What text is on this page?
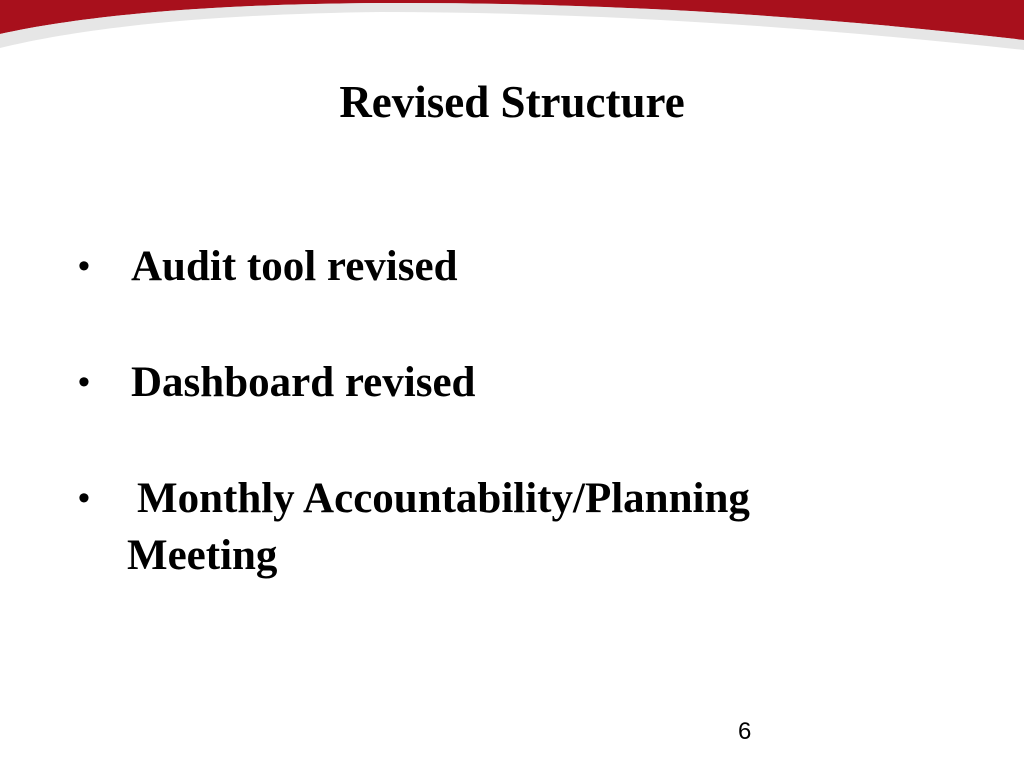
Revised Structure
• Audit tool revised
• Dashboard revised
•	Monthly Accountability/Planning
Meeting
6
